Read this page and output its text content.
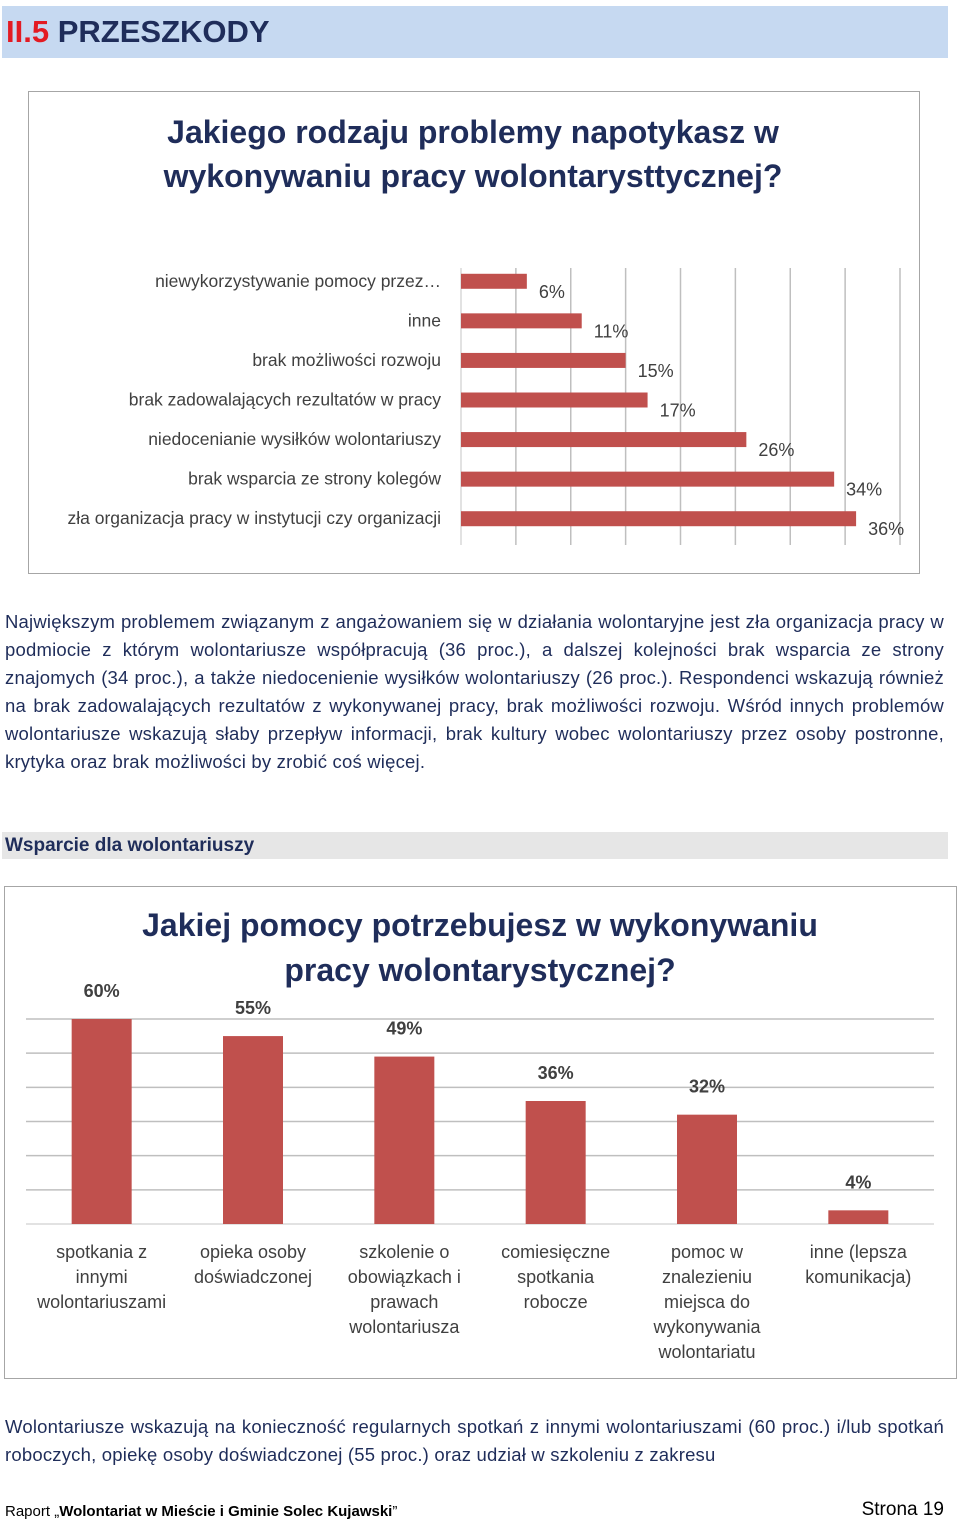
II.5 PRZESZKODY
Jakiego rodzaju problemy napotykasz w
wykonywaniu pracy wolontarysttycznej?
6%
niewykorzystywanie pomocy przez…
11%
inne
15%
brak możliwości rozwoju
17%
brak zadowalających rezultatów w pracy
26%
niedocenianie wysiłków wolontariuszy
34%
brak wsparcia ze strony kolegów
36%
zła organizacja pracy w instytucji czy organizacji
Największym problemem związanym z angażowaniem się w działania wolontaryjne jest zła organizacja pracy w podmiocie z którym wolontariusze współpracują (36 proc.), a dalszej kolejności brak wsparcia ze strony znajomych (34 proc.), a także niedocenienie wysiłków wolontariuszy (26 proc.). Respondenci wskazują również na brak zadowalających rezultatów z wykonywanej pracy, brak możliwości rozwoju. Wśród innych problemów wolontariusze wskazują słaby przepływ informacji, brak kultury wobec wolontariuszy przez osoby postronne, krytyka oraz brak możliwości by zrobić coś więcej.
Wsparcie dla wolontariuszy
Jakiej pomocy potrzebujesz w wykonywaniu
pracy wolontarystycznej?
60%
spotkania z innymi wolontariuszami
55%
opieka osoby doświadczonej
49%
szkolenie o obowiązkach i prawach wolontariusza
36%
comiesięczne spotkania robocze
32%
pomoc w znalezieniu miejsca do wykonywania wolontariatu
4%
inne (lepsza komunikacja)
Wolontariusze wskazują na konieczność regularnych spotkań z innymi wolontariuszami (60 proc.) i/lub spotkań roboczych, opiekę osoby doświadczonej (55 proc.) oraz udział w szkoleniu z zakresu
Raport „Wolontariat w Mieście i Gminie Solec Kujawski”	Strona 19
